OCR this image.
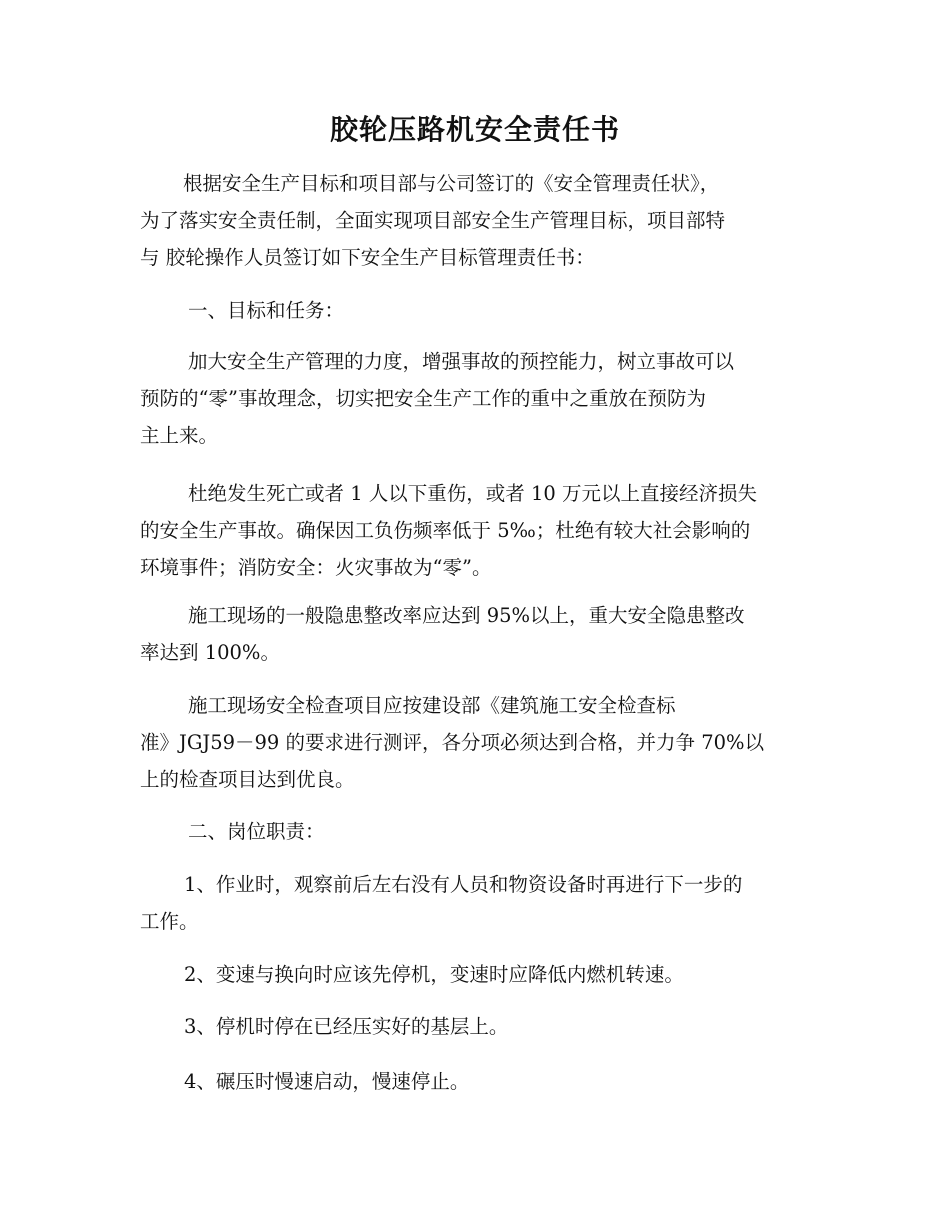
胶轮压路机安全责任书
根据安全生产目标和项目部与公司签订的《安全管理责任状》，
为了落实安全责任制，全面实现项目部安全生产管理目标，项目部特
与 胶轮操作人员签订如下安全生产目标管理责任书：
一、目标和任务：
加大安全生产管理的力度，增强事故的预控能力，树立事故可以
预防的“零”事故理念，切实把安全生产工作的重中之重放在预防为
主上来。
杜绝发生死亡或者 1 人以下重伤，或者 10 万元以上直接经济损失
的安全生产事故。确保因工负伤频率低于 5‰；杜绝有较大社会影响的
环境事件；消防安全：火灾事故为“零”。
施工现场的一般隐患整改率应达到 95%以上，重大安全隐患整改
率达到 100%。
施工现场安全检查项目应按建设部《建筑施工安全检查标
准》JGJ59－99 的要求进行测评，各分项必须达到合格，并力争 70%以
上的检查项目达到优良。
二、岗位职责：
1、作业时，观察前后左右没有人员和物资设备时再进行下一步的
工作。
2、变速与换向时应该先停机，变速时应降低内燃机转速。
3、停机时停在已经压实好的基层上。
4、碾压时慢速启动，慢速停止。
